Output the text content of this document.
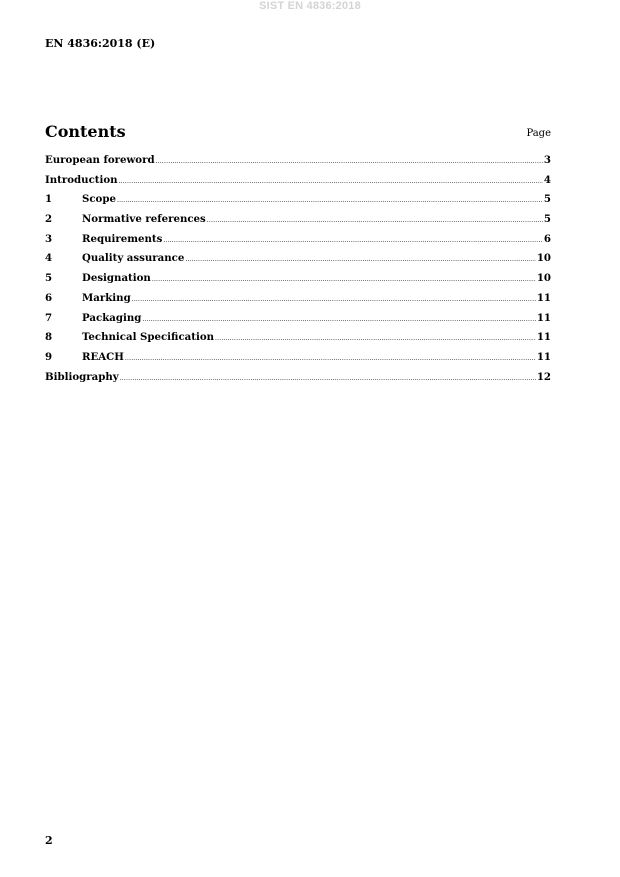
SIST EN 4836:2018
EN 4836:2018 (E)
Contents	Page
European foreword .....	3
Introduction .....	4
1	Scope .....	5
2	Normative references .....	5
3	Requirements .....	6
4	Quality assurance .....	10
5	Designation .....	10
6	Marking .....	11
7	Packaging .....	11
8	Technical Specification .....	11
9	REACH .....	11
Bibliography .....	12
2
